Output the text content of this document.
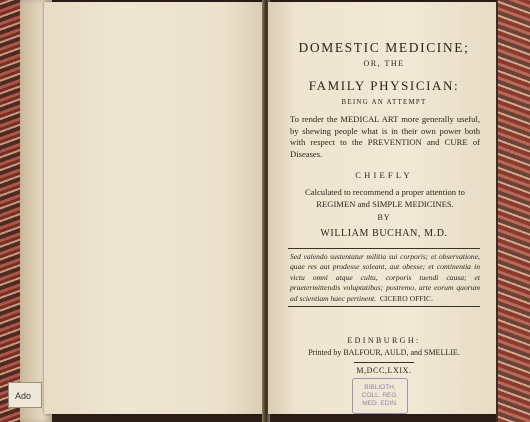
Ado
DOMESTIC MEDICINE;
OR, THE
FAMILY PHYSICIAN:
BEING AN ATTEMPT
To render the MEDICAL ART more generally useful, by shewing people what is in their own power both with respect to the PREVENTION and CURE of Diseases.
CHIEFLY
Calculated to recommend a proper attention to REGIMEN and SIMPLE MEDICINES.
BY
WILLIAM BUCHAN, M.D.
Sed valendo sustentatur militia sui corporis; et observatione, quae res aut prodesse soleant, aut obesse; et continentia in victu omni atque cultu, corporis tuendi causa; et praetermittendis voluptatibus; postremo, arte eorum quorum ad scientiam haec pertinent. CICERO OFFIC.
EDINBURGH:
Printed by BALFOUR, AULD, and SMELLIE.
M,DCC,LXIX.
BIBLIOTH.
COLL. REG.
MED. EDIN.
